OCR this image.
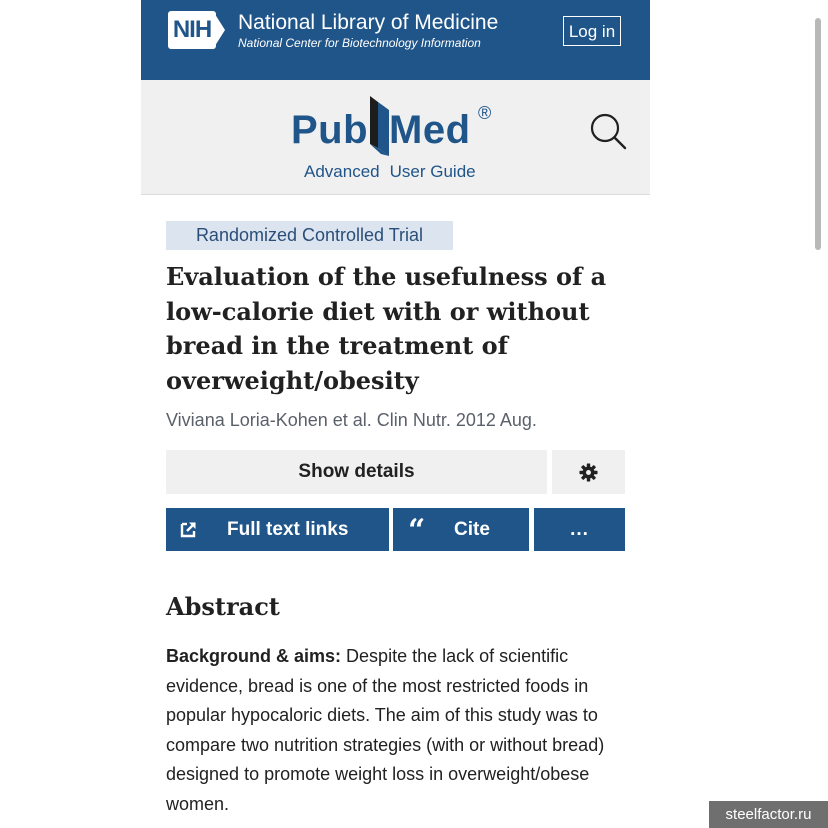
NIH National Library of Medicine
National Center for Biotechnology Information
Log in
Pub Med ®
Advanced User Guide
Randomized Controlled Trial
Evaluation of the usefulness of a low-calorie diet with or without bread in the treatment of overweight/obesity
Viviana Loria-Kohen et al. Clin Nutr. 2012 Aug.
Show details
Full text links “ Cite	...
Abstract

Background & aims: Despite the lack of scientific evidence, bread is one of the most restricted foods in popular hypocaloric diets. The aim of this study was to compare two nutrition strategies (with or without bread) designed to promote weight loss in overweight/obese women.

steelfactor.ru
